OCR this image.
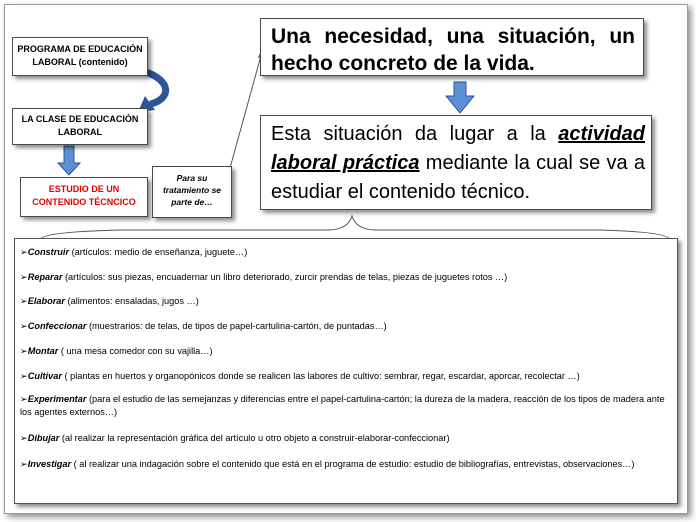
PROGRAMA DE EDUCACIÓN
LABORAL (contenido)
LA CLASE DE EDUCACIÓN
LABORAL
ESTUDIO DE UN
CONTENIDO TÉCNCICO
Para su
tratamiento se
parte de…
Una necesidad, una situación, un
hecho concreto de la vida.
Esta situación da lugar a la actividad
laboral práctica mediante la cual se va a
estudiar el contenido técnico.
➢Construir (artículos: medio de enseñanza, juguete…)
➢Reparar (artículos: sus piezas, encuadernar un libro deteriorado, zurcir prendas de telas, piezas de juguetes rotos …)
➢Elaborar (alimentos: ensaladas, jugos …)
➢Confeccionar (muestrarios: de telas, de tipos de papel-cartulina-cartón, de puntadas…)
➢Montar ( una mesa comedor con su vajilla…)
➢Cultivar ( plantas en huertos y organopónicos donde se realicen las labores de cultivo: sembrar, regar, escardar, aporcar, recolectar …)
➢Experimentar (para el estudio de las semejanzas y diferencias entre el papel-cartulina-cartón; la dureza de la madera, reacción de los tipos de madera ante los agentes externos…)
➢Dibujar (al realizar la representación gráfica del artículo u otro objeto a construir-elaborar-confeccionar)
➢Investigar ( al realizar una indagación sobre el contenido que está en el programa de estudio: estudio de bibliografías, entrevistas, observaciones…)
